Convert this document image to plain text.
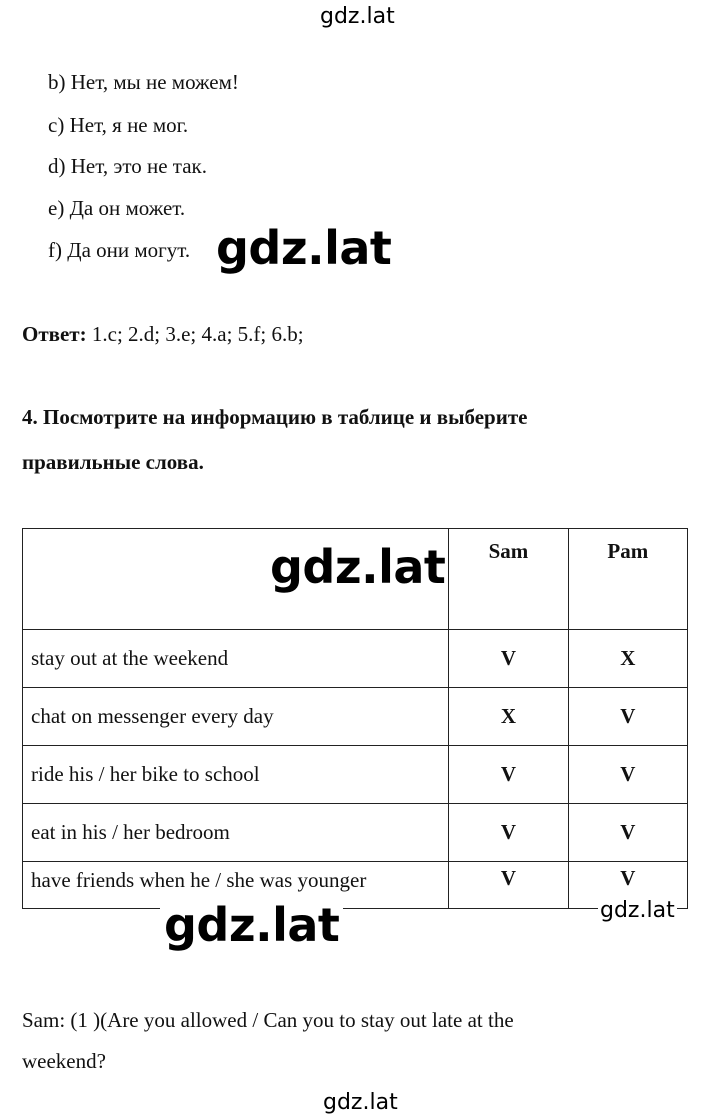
gdz.lat
b) Нет, мы не можем!
c) Нет, я не мог.
d) Нет, это не так.
e) Да он может.
f) Да они могут. gdz.lat
Ответ: 1.c; 2.d; 3.e; 4.a; 5.f; 6.b;
4. Посмотрите на информацию в таблице и выберите
правильные слова.
	Sam	Pam
stay out at the weekend	V	X
chat on messenger every day	X	V
ride his / her bike to school	V	V
eat in his / her bedroom	V	V
have friends when he / she was younger	V	V
gdz.lat
gdz.lat	gdz.lat
Sam: (1 )(Are you allowed / Can you to stay out late at the
weekend?
gdz.lat
